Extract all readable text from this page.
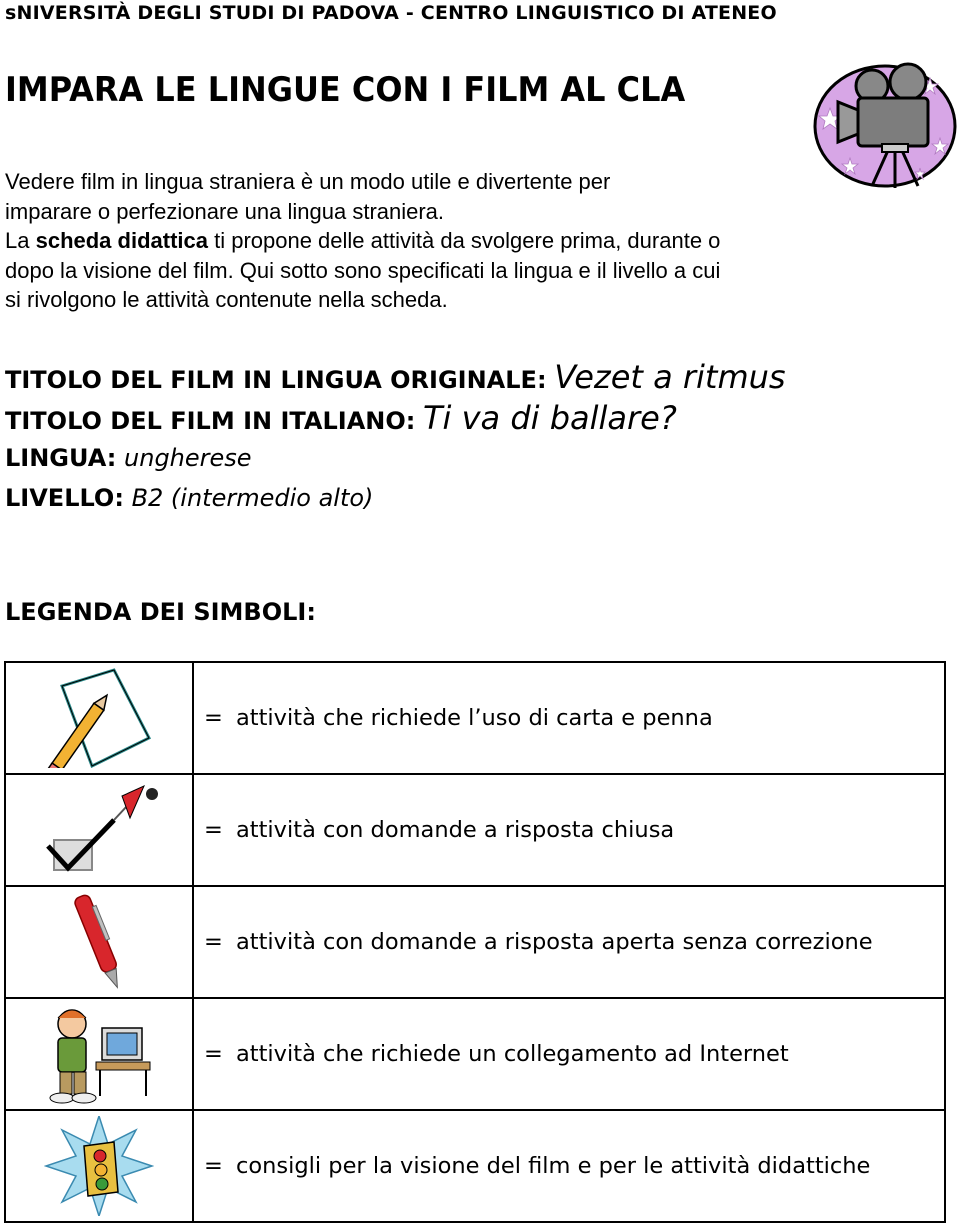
sNIVERSITÀ DEGLI STUDI DI PADOVA - CENTRO LINGUISTICO DI ATENEO
IMPARA LE LINGUE CON I FILM AL CLA
Vedere film in lingua straniera è un modo utile e divertente per
imparare o perfezionare una lingua straniera.
La scheda didattica ti propone delle attività da svolgere prima, durante o
dopo la visione del film. Qui sotto sono specificati la lingua e il livello a cui
si rivolgono le attività contenute nella scheda.
TITOLO DEL FILM IN LINGUA ORIGINALE: Vezet a ritmus
TITOLO DEL FILM IN ITALIANO: Ti va di ballare?
LINGUA: ungherese
LIVELLO: B2 (intermedio alto)
LEGENDA DEI SIMBOLI:
	= attività che richiede l’uso di carta e penna

	= attività con domande a risposta chiusa

	= attività con domande a risposta aperta senza correzione

	= attività che richiede un collegamento ad Internet

	= consigli per la visione del film e per le attività didattiche
